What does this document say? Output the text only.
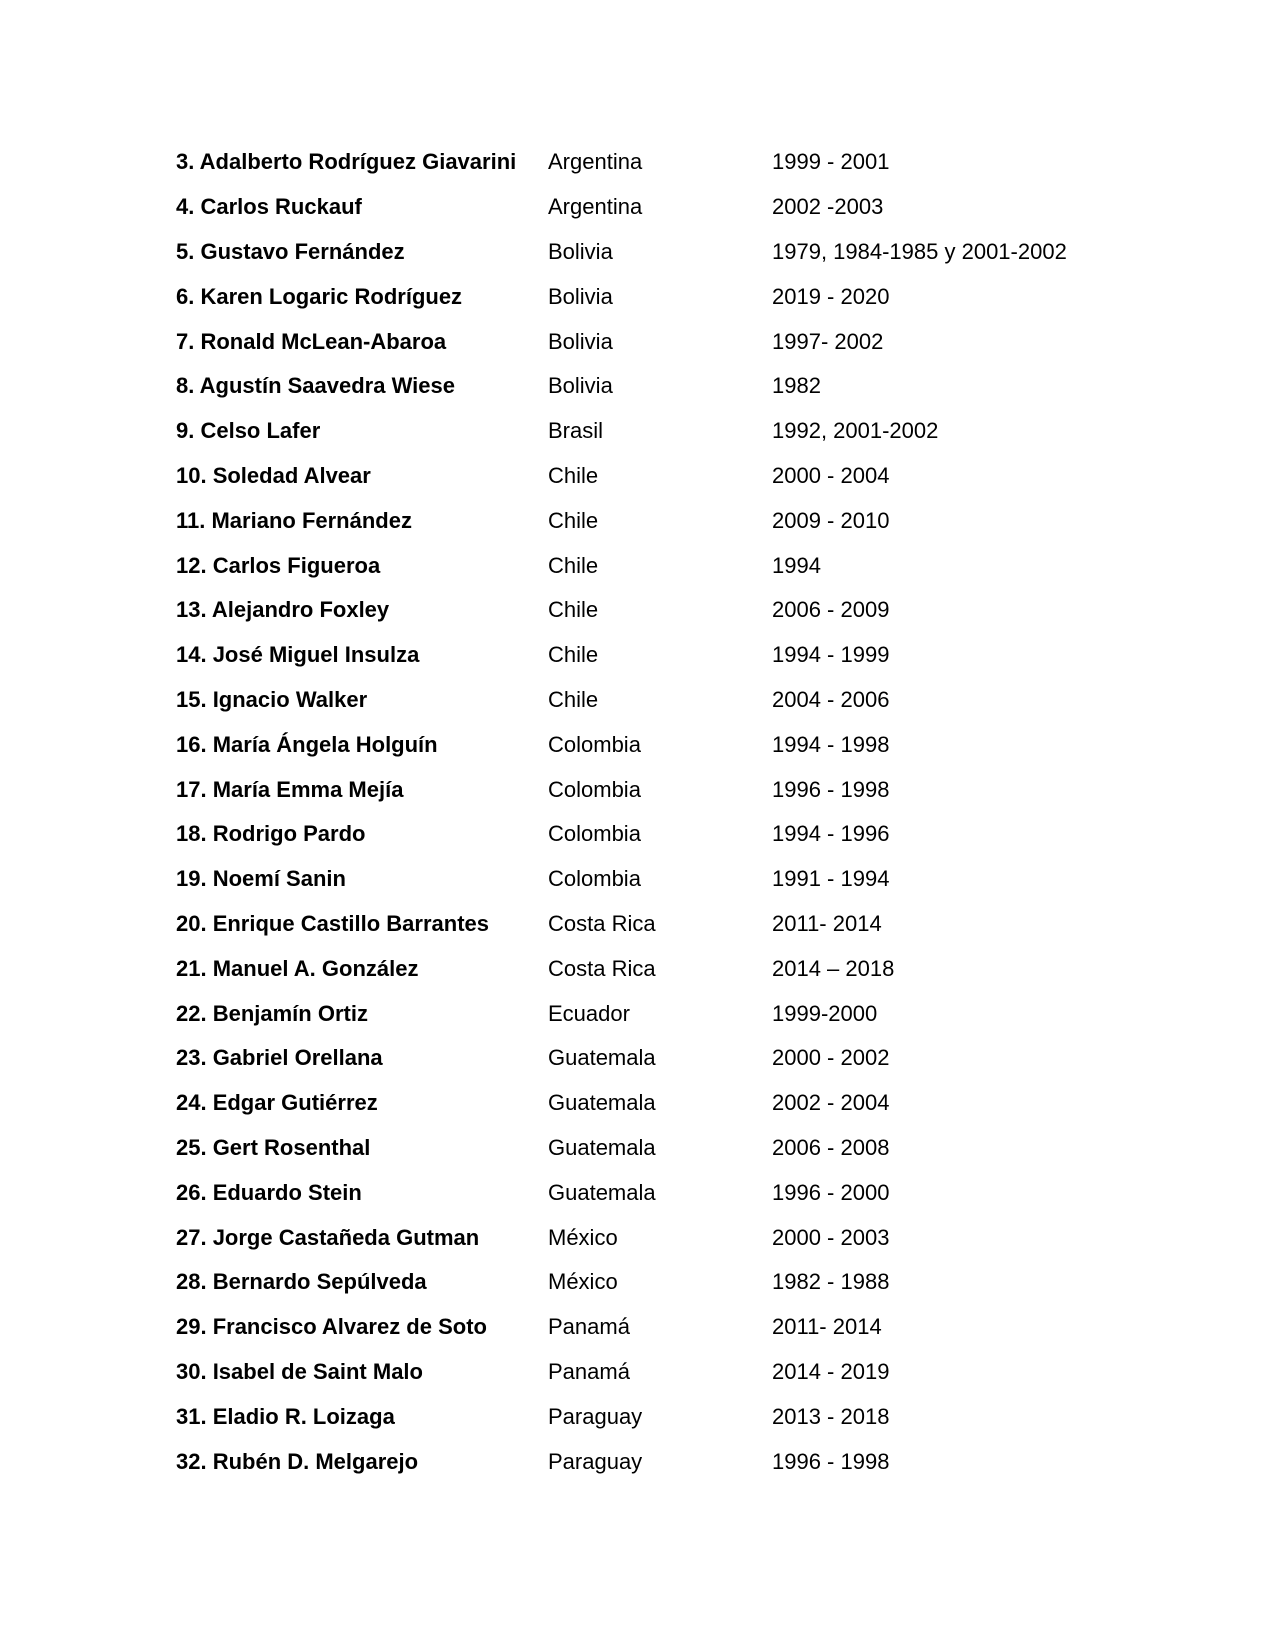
3. Adalberto Rodríguez Giavarini	Argentina	1999 - 2001
4. Carlos Ruckauf	Argentina	2002 -2003
5. Gustavo Fernández	Bolivia	1979, 1984-1985 y 2001-2002
6. Karen Logaric Rodríguez	Bolivia	2019 - 2020
7. Ronald McLean-Abaroa	Bolivia	1997- 2002
8. Agustín Saavedra Wiese	Bolivia	1982
9. Celso Lafer	Brasil	1992, 2001-2002
10. Soledad Alvear	Chile	2000 - 2004
11. Mariano Fernández	Chile	2009 - 2010
12. Carlos Figueroa	Chile	1994
13. Alejandro Foxley	Chile	2006 - 2009
14. José Miguel Insulza	Chile	1994 - 1999
15. Ignacio Walker	Chile	2004 - 2006
16. María Ángela Holguín	Colombia	1994 - 1998
17. María Emma Mejía	Colombia	1996 - 1998
18. Rodrigo Pardo	Colombia	1994 - 1996
19. Noemí Sanin	Colombia	1991 - 1994
20. Enrique Castillo Barrantes	Costa Rica	2011- 2014
21. Manuel A. González	Costa Rica	2014 – 2018
22. Benjamín Ortiz	Ecuador	1999-2000
23. Gabriel Orellana	Guatemala	2000 - 2002
24. Edgar Gutiérrez	Guatemala	2002 - 2004
25. Gert Rosenthal	Guatemala	2006 - 2008
26. Eduardo Stein	Guatemala	1996 - 2000
27. Jorge Castañeda Gutman	México	2000 - 2003
28. Bernardo Sepúlveda	México	1982 - 1988
29. Francisco Alvarez de Soto	Panamá	2011- 2014
30. Isabel de Saint Malo	Panamá	2014 - 2019
31. Eladio R. Loizaga	Paraguay	2013 - 2018
32. Rubén D. Melgarejo	Paraguay	1996 - 1998
